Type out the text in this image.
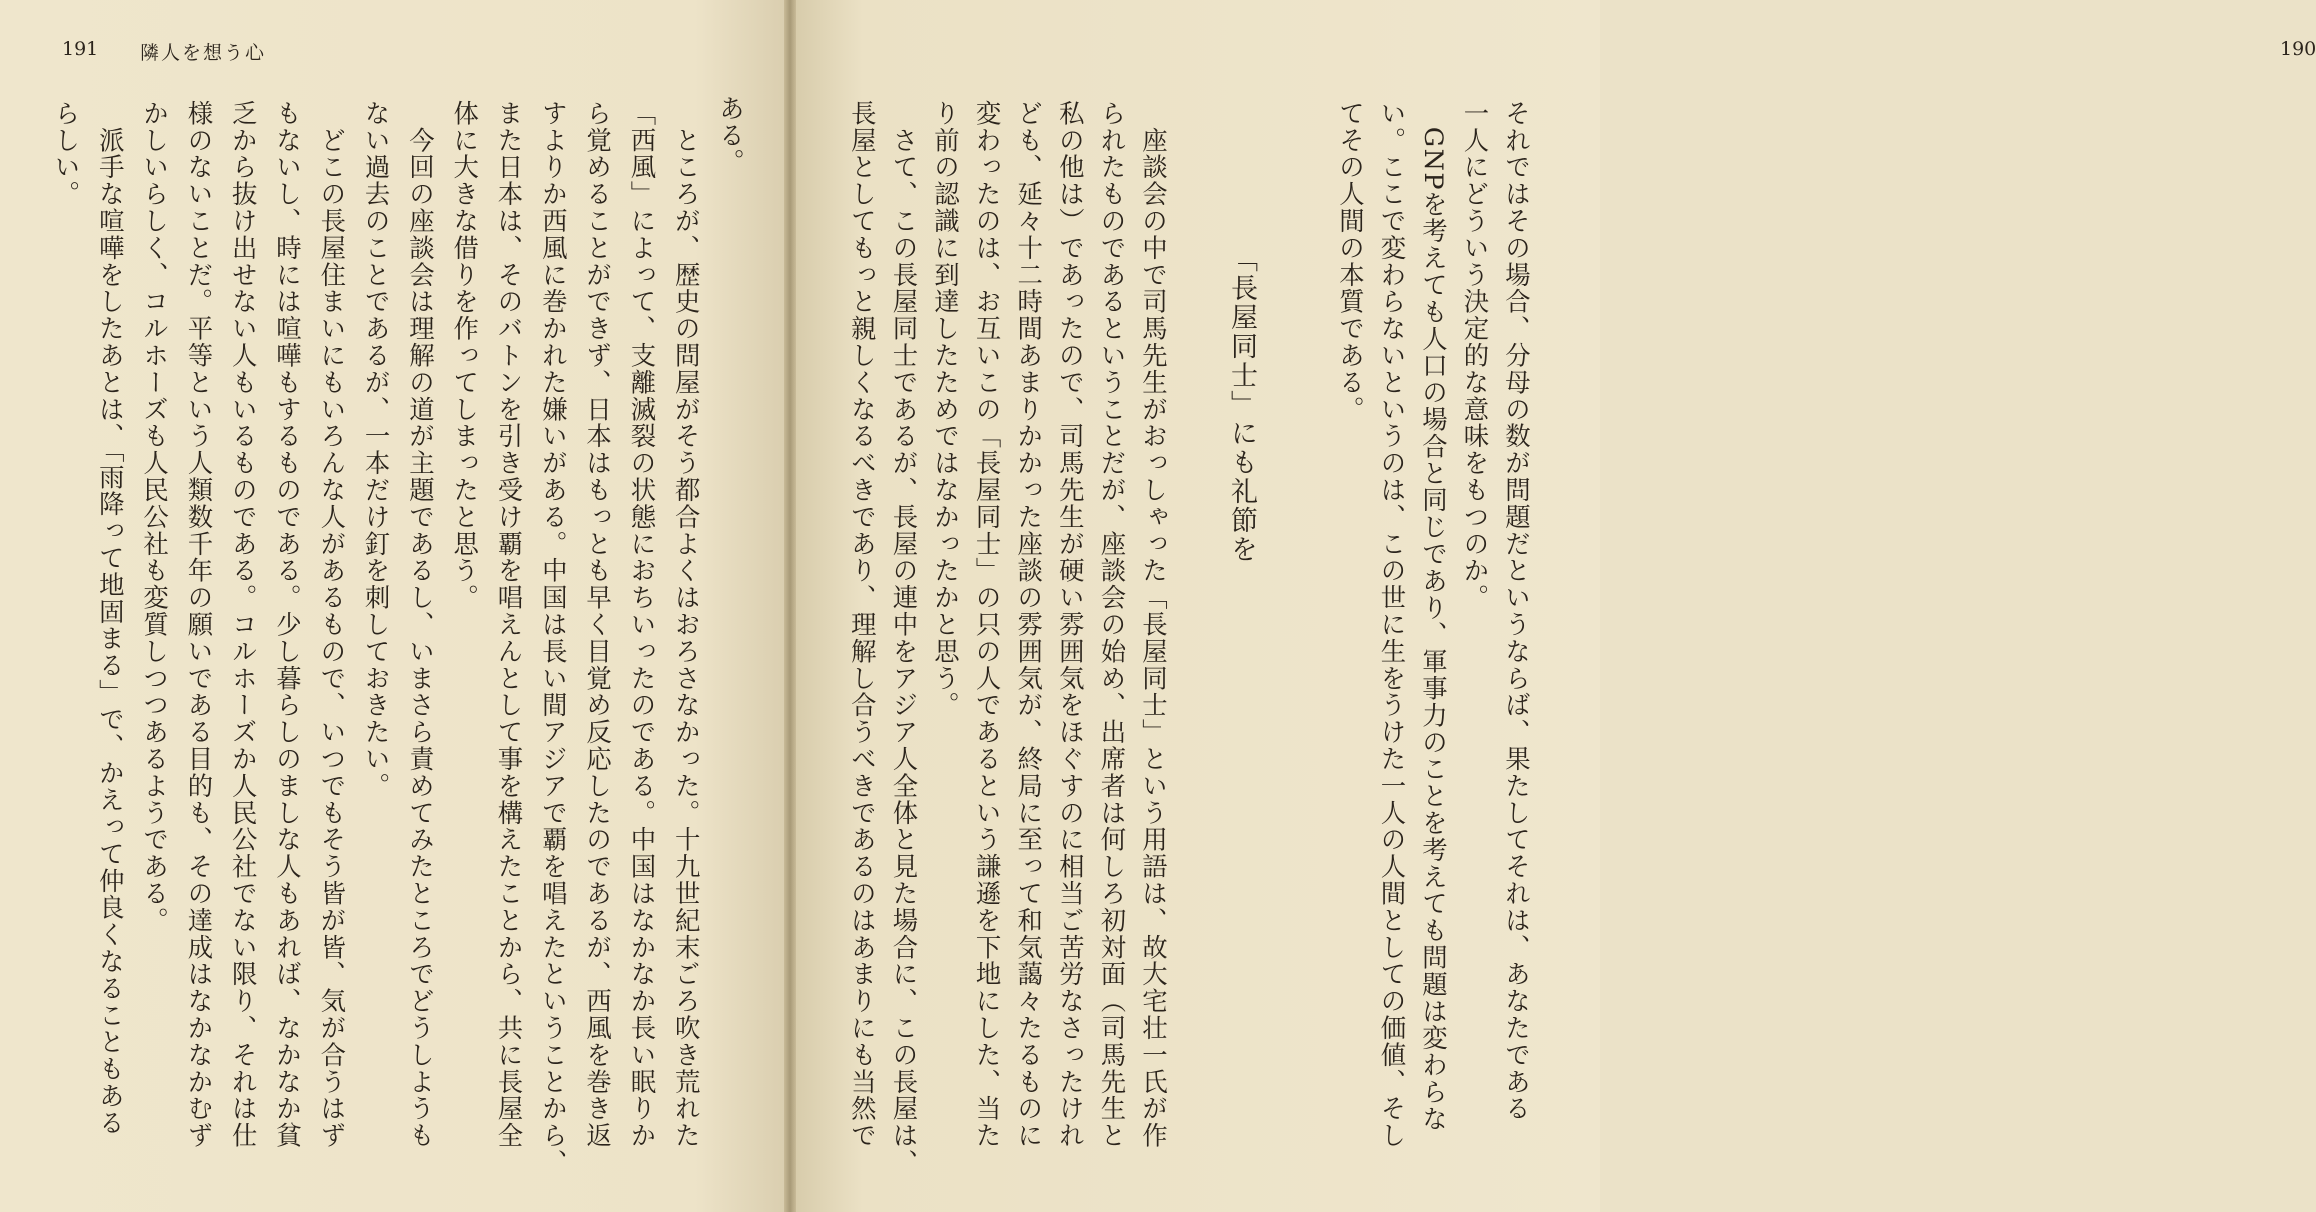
191 隣人を想う心
ある。
　ところが、歴史の問屋がそう都合よくはおろさなかった。十九世紀末ごろ吹き荒れた
「西風」によって、支離滅裂の状態におちいったのである。中国はなかなか長い眠りか
ら覚めることができず、日本はもっとも早く目覚め反応したのであるが、西風を巻き返
すよりか西風に巻かれた嫌いがある。中国は長い間アジアで覇を唱えたということから、
また日本は、そのバトンを引き受け覇を唱えんとして事を構えたことから、共に長屋全
体に大きな借りを作ってしまったと思う。
　今回の座談会は理解の道が主題であるし、いまさら責めてみたところでどうしようも
ない過去のことであるが、一本だけ釘を刺しておきたい。
　どこの長屋住まいにもいろんな人があるもので、いつでもそう皆が皆、気が合うはず
もないし、時には喧嘩もするものである。少し暮らしのましな人もあれば、なかなか貧
乏から抜け出せない人もいるものである。コルホーズか人民公社でない限り、それは仕
様のないことだ。平等という人類数千年の願いである目的も、その達成はなかなかむず
かしいらしく、コルホーズも人民公社も変質しつつあるようである。
　派手な喧嘩をしたあとは、「雨降って地固まる」で、かえって仲良くなることもある
らしい。
190
それではその場合、分母の数が問題だというならば、果たしてそれは、あなたである
一人にどういう決定的な意味をもつのか。
　GNPを考えても人口の場合と同じであり、軍事力のことを考えても問題は変わらな
い。ここで変わらないというのは、この世に生をうけた一人の人間としての価値、そし
てその人間の本質である。
「長屋同士」にも礼節を
　座談会の中で司馬先生がおっしゃった「長屋同士」という用語は、故大宅壮一氏が作
られたものであるということだが、座談会の始め、出席者は何しろ初対面（司馬先生と
私の他は）であったので、司馬先生が硬い雰囲気をほぐすのに相当ご苦労なさったけれ
ども、延々十二時間あまりかかった座談の雰囲気が、終局に至って和気藹々たるものに
変わったのは、お互いこの「長屋同士」の只の人であるという謙遜を下地にした、当た
り前の認識に到達したためではなかったかと思う。
　さて、この長屋同士であるが、長屋の連中をアジア人全体と見た場合に、この長屋は、
長屋としてもっと親しくなるべきであり、理解し合うべきであるのはあまりにも当然で
